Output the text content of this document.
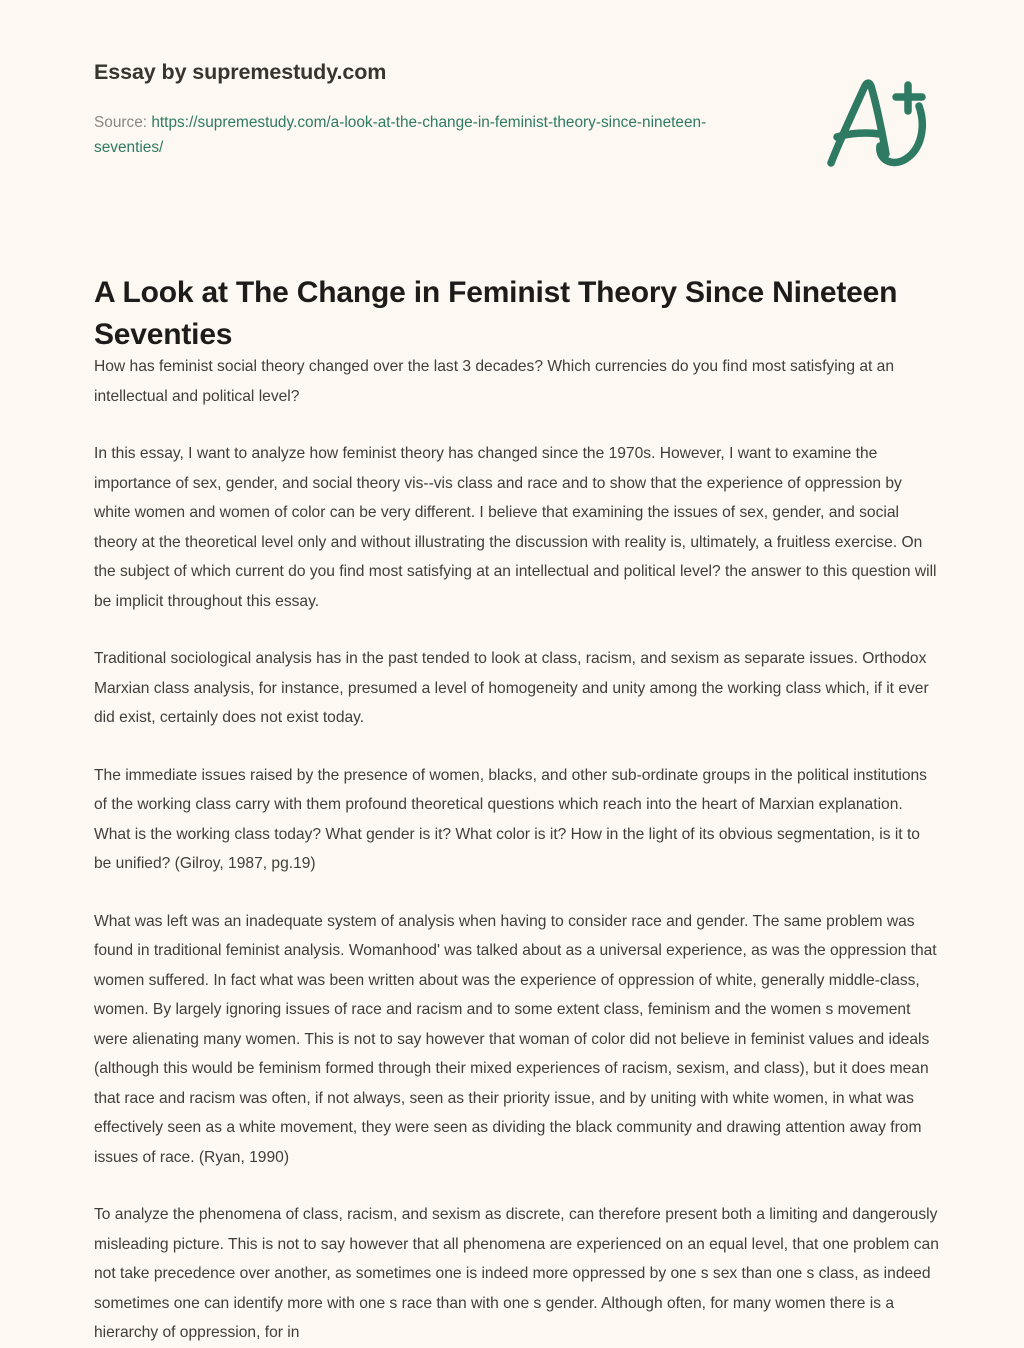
Essay by supremestudy.com
Source: https://supremestudy.com/a-look-at-the-change-in-feminist-theory-since-nineteen-seventies/
A Look at The Change in Feminist Theory Since Nineteen Seventies

How has feminist social theory changed over the last 3 decades? Which currencies do you find most satisfying at an intellectual and political level?

In this essay, I want to analyze how feminist theory has changed since the 1970s. However, I want to examine the importance of sex, gender, and social theory vis--vis class and race and to show that the experience of oppression by white women and women of color can be very different. I believe that examining the issues of sex, gender, and social theory at the theoretical level only and without illustrating the discussion with reality is, ultimately, a fruitless exercise. On the subject of which current do you find most satisfying at an intellectual and political level? the answer to this question will be implicit throughout this essay.

Traditional sociological analysis has in the past tended to look at class, racism, and sexism as separate issues. Orthodox Marxian class analysis, for instance, presumed a level of homogeneity and unity among the working class which, if it ever did exist, certainly does not exist today.

The immediate issues raised by the presence of women, blacks, and other sub-ordinate groups in the political institutions of the working class carry with them profound theoretical questions which reach into the heart of Marxian explanation. What is the working class today? What gender is it? What color is it? How in the light of its obvious segmentation, is it to be unified? (Gilroy, 1987, pg.19)

What was left was an inadequate system of analysis when having to consider race and gender. The same problem was found in traditional feminist analysis. Womanhood' was talked about as a universal experience, as was the oppression that women suffered. In fact what was been written about was the experience of oppression of white, generally middle-class, women. By largely ignoring issues of race and racism and to some extent class, feminism and the women s movement were alienating many women. This is not to say however that woman of color did not believe in feminist values and ideals (although this would be feminism formed through their mixed experiences of racism, sexism, and class), but it does mean that race and racism was often, if not always, seen as their priority issue, and by uniting with white women, in what was effectively seen as a white movement, they were seen as dividing the black community and drawing attention away from issues of race. (Ryan, 1990)

To analyze the phenomena of class, racism, and sexism as discrete, can therefore present both a limiting and dangerously misleading picture. This is not to say however that all phenomena are experienced on an equal level, that one problem can not take precedence over another, as sometimes one is indeed more oppressed by one s sex than one s class, as indeed sometimes one can identify more with one s race than with one s gender. Although often, for many women there is a hierarchy of oppression, for in
